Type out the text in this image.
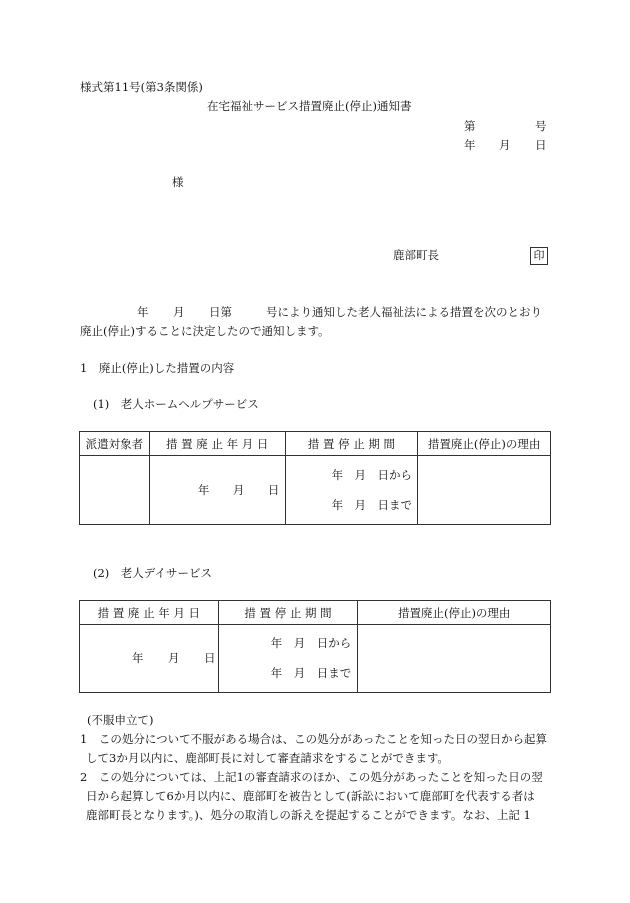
様式第11号(第3条関係)
在宅福祉サービス措置廃止(停止)通知書
第	号
年 月 日
様
鹿部町長	印
年 月 日第	号により通知した老人福祉法による措置を次のとおり
廃止(停止)することに決定したので通知します。
1　廃止(停止)した措置の内容
(1)　老人ホームヘルプサービス
派遣対象者	措 置 廃 止 年 月 日	措 置 停 止 期 間	措置廃止(停止)の理由

	年 月 日	年　月　日から
年　月　日まで	

(2)　老人デイサービス
措 置 廃 止 年 月 日	措 置 停 止 期 間	措置廃止(停止)の理由

年 月 日	年　月　日から
年　月　日まで	

(不服申立て)
1　この処分について不服がある場合は、この処分があったことを知った日の翌日から起算
して3か月以内に、鹿部町長に対して審査請求をすることができます。
2　この処分については、上記1の審査請求のほか、この処分があったことを知った日の翌
日から起算して6か月以内に、鹿部町を被告として(訴訟において鹿部町を代表する者は
鹿部町長となります。)、処分の取消しの訴えを提起することができます。なお、上記 1
